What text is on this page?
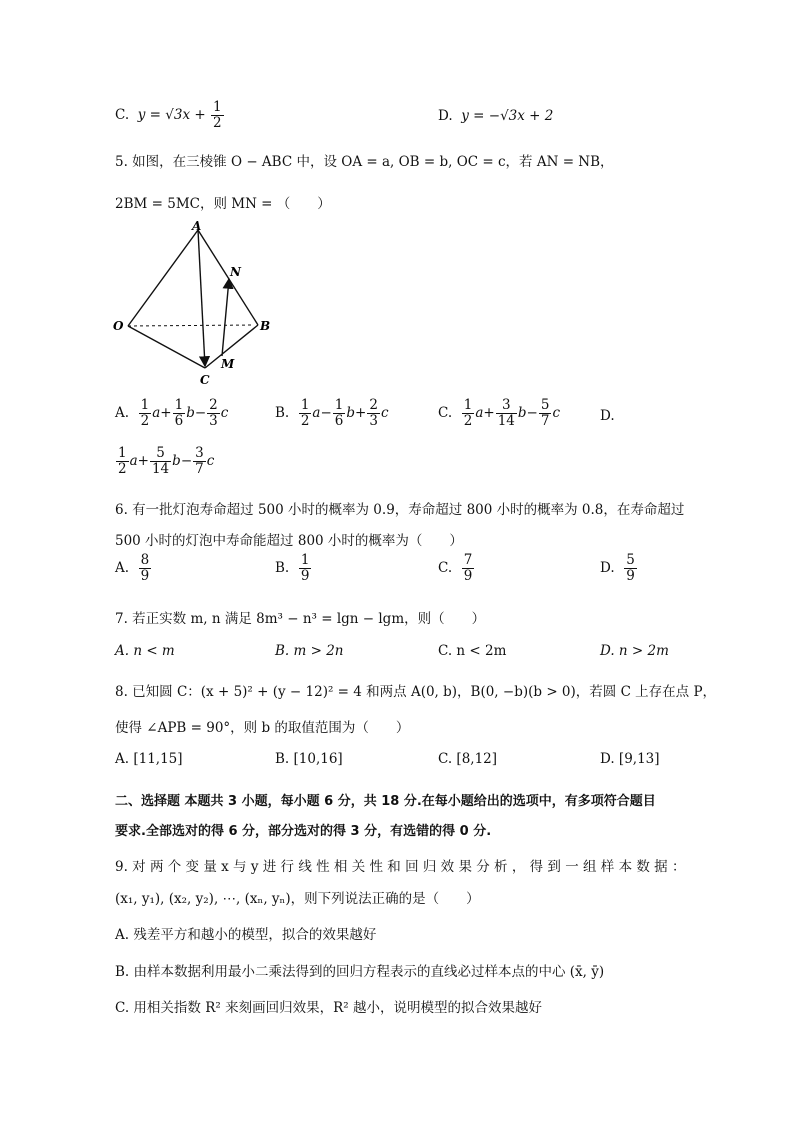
C. $y = √3x + \frac{1}{2}$	D. y = −√3x + 2
5. 如图，在三棱锥 O − ABC 中，设 OA = a, OB = b, OC = c，若 AN = NB，
2BM = 5MC，则 MN = （　　）
A
N
O	B
M
C
A. $\frac{1}{2} a+ \frac{1}{6} b- \frac{2}{3}$ c	B. $\frac{1}{2} a- \frac{1}{6} b+ \frac{2}{3}$ c	C. $\frac{1}{2} a+ \frac{3}{14} b- \frac{5}{7}$ c	D.
$\frac{1}{2} a+ \frac{5}{14} b- \frac{3}{7}$ c
6. 有一批灯泡寿命超过 500 小时的概率为 0.9，寿命超过 800 小时的概率为 0.8，在寿命超过
500 小时的灯泡中寿命能超过 800 小时的概率为（　　）
A. $\frac{8}{9}$	B. $\frac{1}{9}$	C. $\frac{7}{9}$	D. $\frac{5}{9}$
7. 若正实数 m, n 满足 8m³ − n³ = lgn − lgm，则（　　）
A. n < m	B. m > 2n	C. n < 2m	D. n > 2m
8. 已知圆 C：(x + 5)² + (y − 12)² = 4 和两点 A(0, b)，B(0, −b)(b > 0)，若圆 C 上存在点 P，
使得 ∠APB = 90°，则 b 的取值范围为（　　）
A. [11,15]	B. [10,16]	C. [8,12]	D. [9,13]
二、选择题 本题共 3 小题，每小题 6 分，共 18 分.在每小题给出的选项中，有多项符合题目
要求.全部选对的得 6 分，部分选对的得 3 分，有选错的得 0 分.
9. 对 两 个 变 量 x 与 y 进 行 线 性 相 关 性 和 回 归 效 果 分 析 ， 得 到 一 组 样 本 数 据 ：
(x₁, y₁), (x₂, y₂), ⋯, (xₙ, yₙ)，则下列说法正确的是（　　）
A. 残差平方和越小的模型，拟合的效果越好
B. 由样本数据利用最小二乘法得到的回归方程表示的直线必过样本点的中心 (x̄, ȳ)
C. 用相关指数 R² 来刻画回归效果，R² 越小，说明模型的拟合效果越好
